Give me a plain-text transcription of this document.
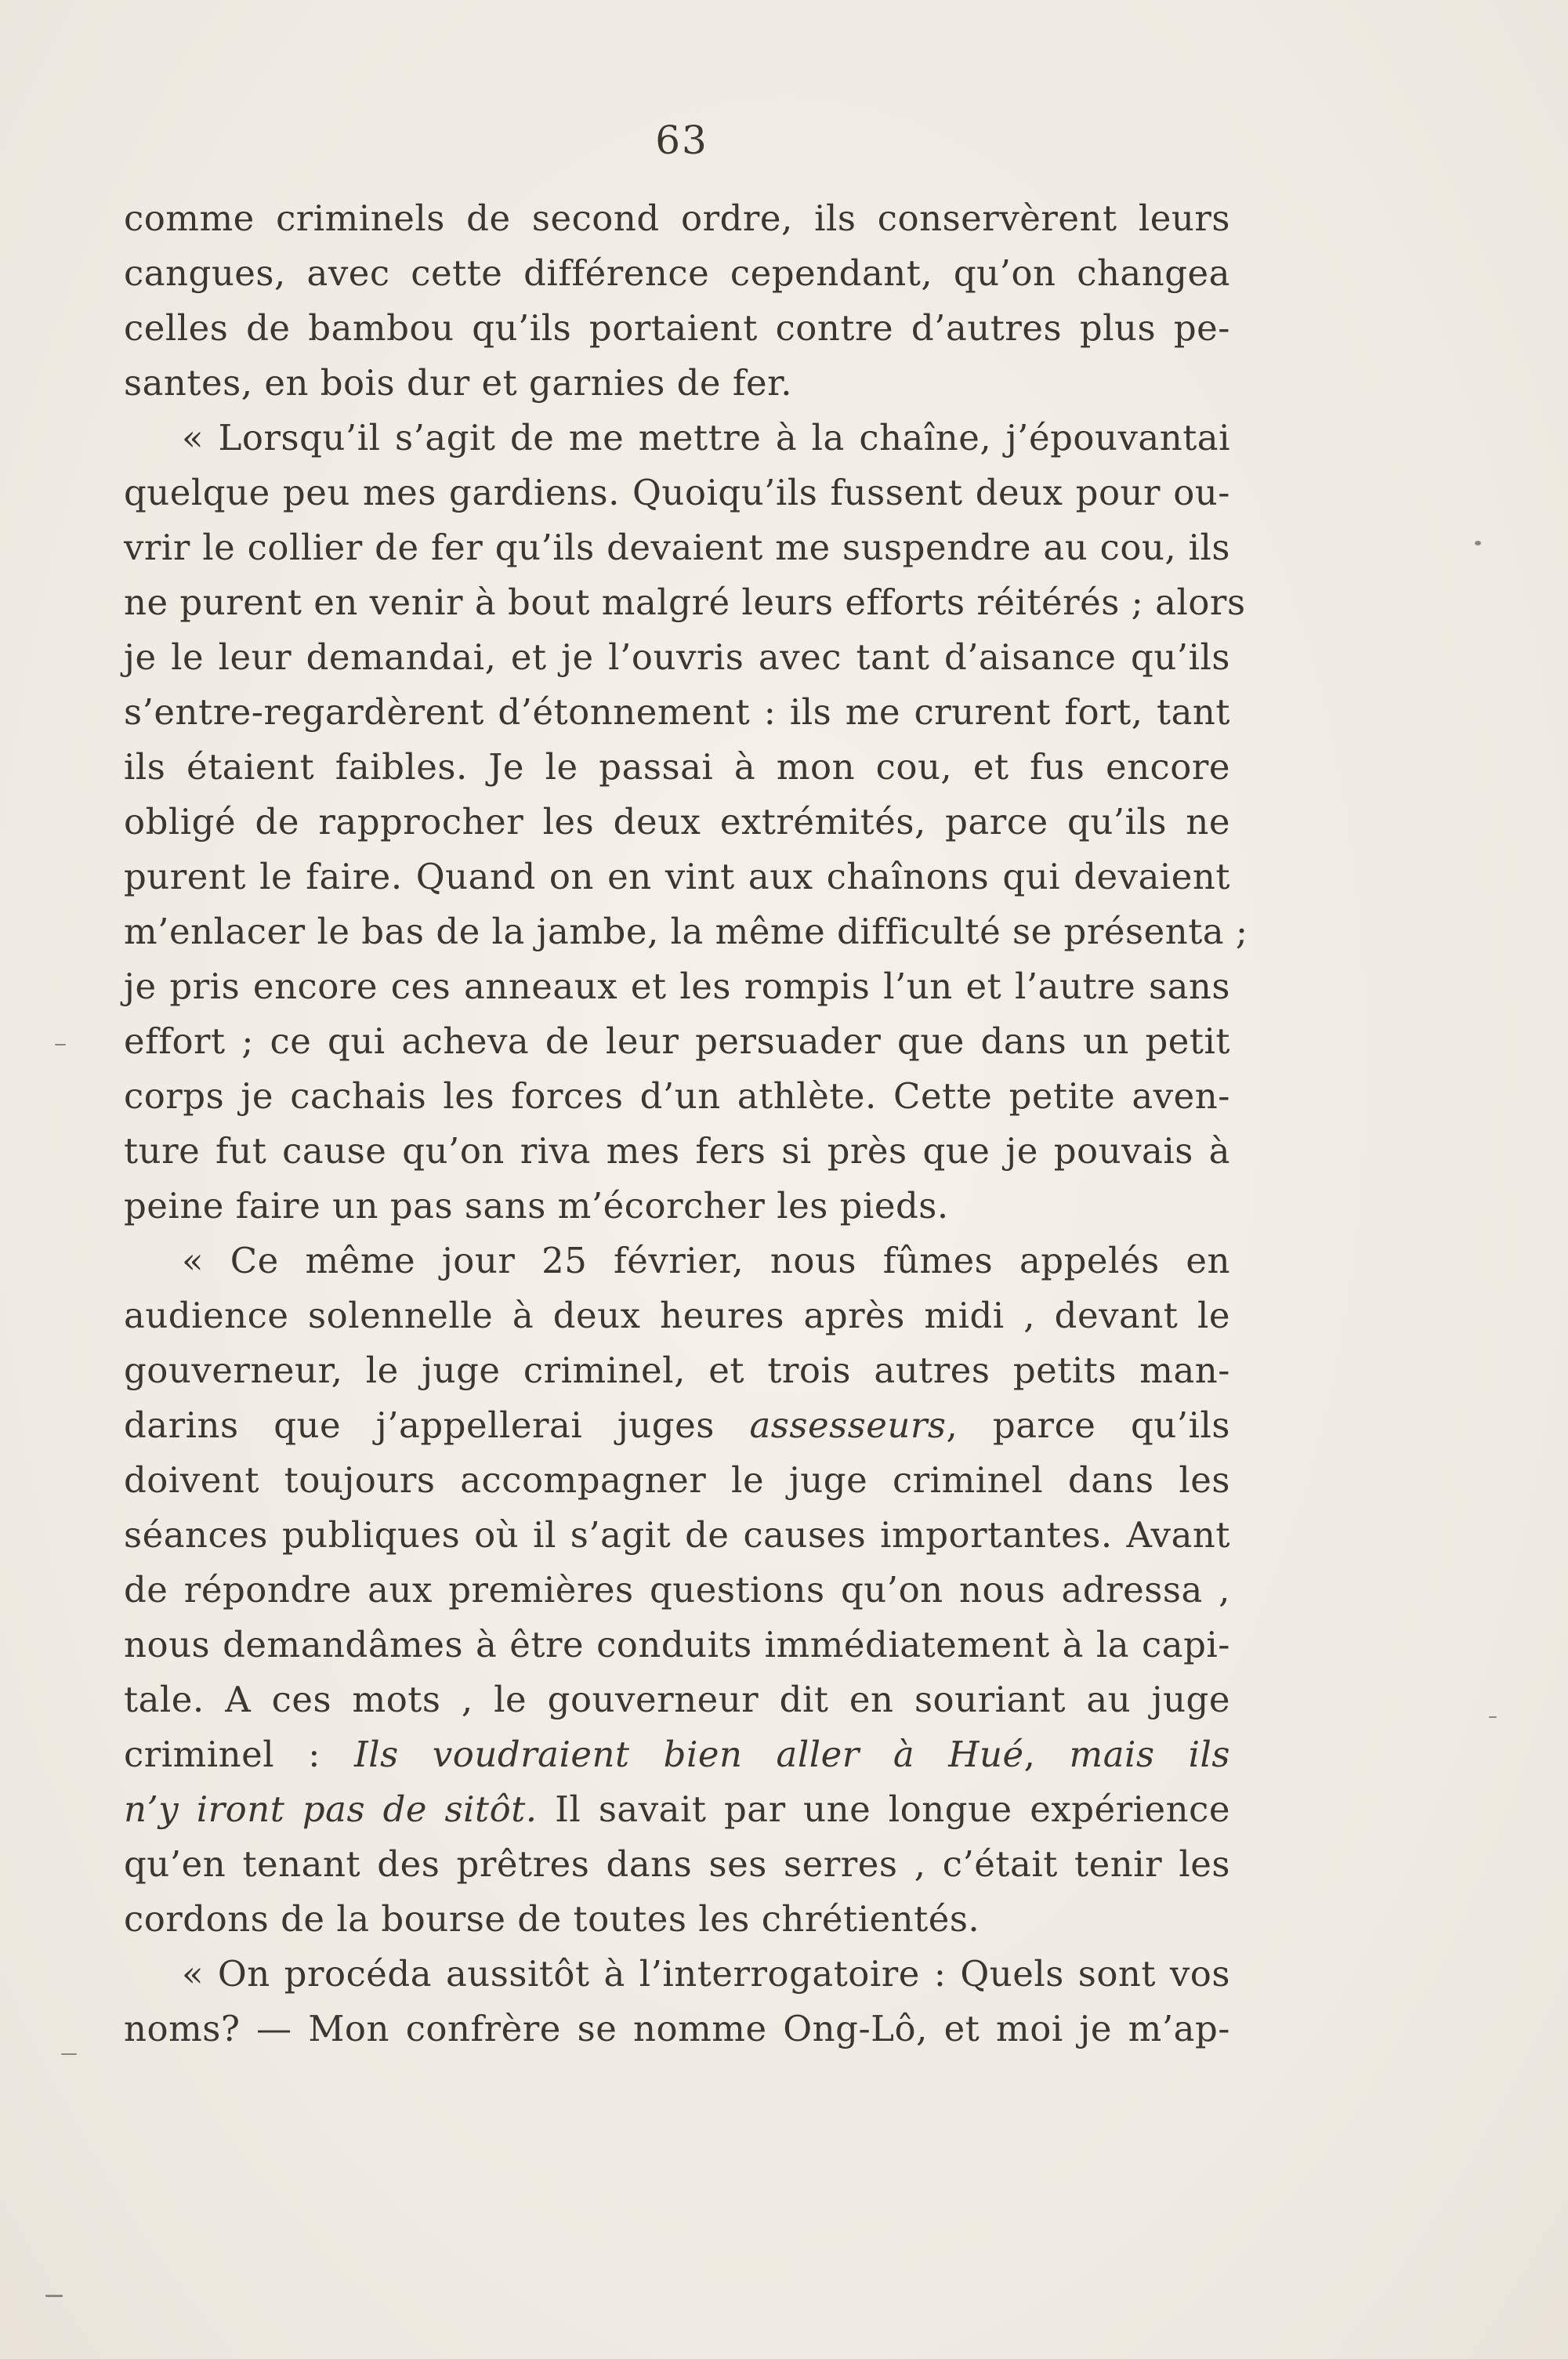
63
comme criminels de second ordre, ils conservèrent leurs
cangues, avec cette différence cependant, qu’on changea
celles de bambou qu’ils portaient contre d’autres plus pe-
santes, en bois dur et garnies de fer.
« Lorsqu’il s’agit de me mettre à la chaîne, j’épouvantai
quelque peu mes gardiens. Quoiqu’ils fussent deux pour ou-
vrir le collier de fer qu’ils devaient me suspendre au cou, ils
ne purent en venir à bout malgré leurs efforts réitérés ; alors
je le leur demandai, et je l’ouvris avec tant d’aisance qu’ils
s’entre-regardèrent d’étonnement : ils me crurent fort, tant
ils étaient faibles. Je le passai à mon cou, et fus encore
obligé de rapprocher les deux extrémités, parce qu’ils ne
purent le faire. Quand on en vint aux chaînons qui devaient
m’enlacer le bas de la jambe, la même difficulté se présenta ;
je pris encore ces anneaux et les rompis l’un et l’autre sans
effort ; ce qui acheva de leur persuader que dans un petit
corps je cachais les forces d’un athlète. Cette petite aven-
ture fut cause qu’on riva mes fers si près que je pouvais à
peine faire un pas sans m’écorcher les pieds.
« Ce même jour 25 février, nous fûmes appelés en
audience solennelle à deux heures après midi , devant le
gouverneur, le juge criminel, et trois autres petits man-
darins que j’appellerai juges assesseurs, parce qu’ils
doivent toujours accompagner le juge criminel dans les
séances publiques où il s’agit de causes importantes. Avant
de répondre aux premières questions qu’on nous adressa ,
nous demandâmes à être conduits immédiatement à la capi-
tale. A ces mots , le gouverneur dit en souriant au juge
criminel : Ils voudraient bien aller à Hué, mais ils
n’y iront pas de sitôt. Il savait par une longue expérience
qu’en tenant des prêtres dans ses serres , c’était tenir les
cordons de la bourse de toutes les chrétientés.
« On procéda aussitôt à l’interrogatoire : Quels sont vos
noms? — Mon confrère se nomme Ong-Lô, et moi je m’ap-
